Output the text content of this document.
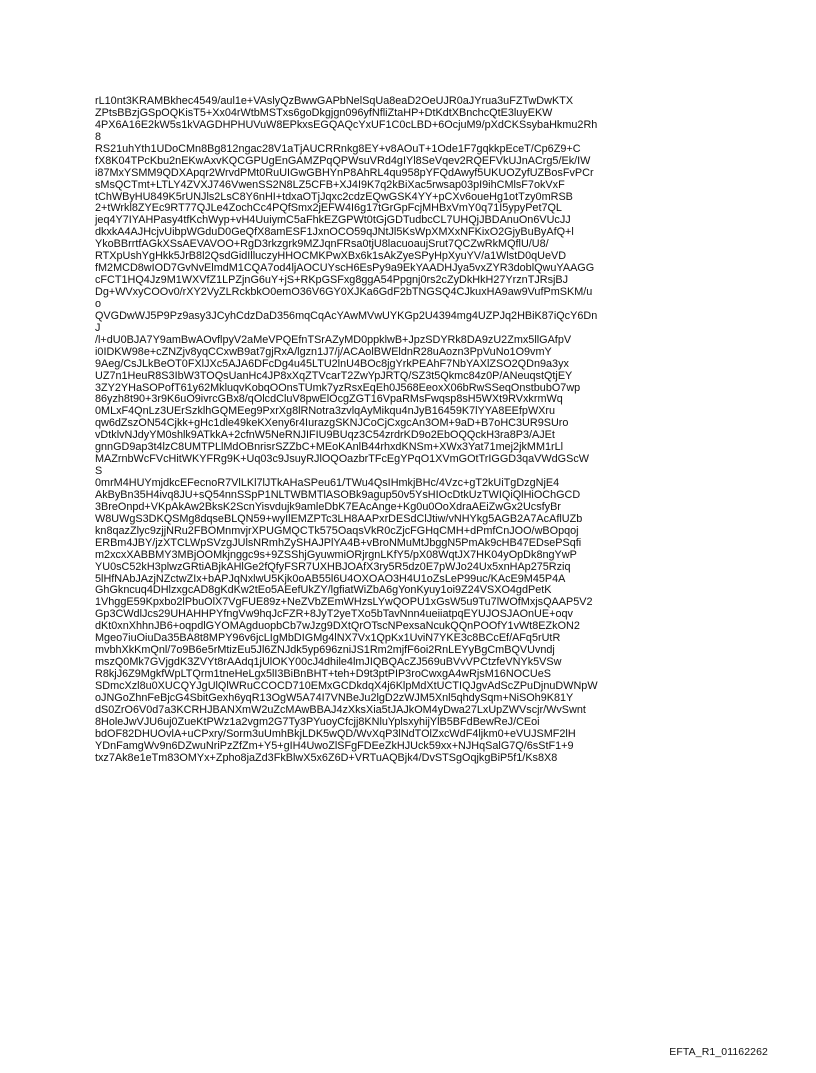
rL10nt3KRAMBkhec4549/aul1e+VAslyQzBwwGAPbNelSqUa8eaD2OeUJR0aJYrua3uFZTwDwKTX
ZPtsBBzjGSpOQKisT5+Xx04rWtbMSTxs6goDkgjgn096yfNfliZtaHP+DtKdtXBnchcQtE3luyEKW
4PX6A16E2kW5s1kVAGDHPHUVuW8EPkxsEGQAQcYxUF1C0cLBD+6OcjuM9/pXdCKSsybaHkmu2Rh
8
RS21uhYth1UDoCMn8Bg812ngac28V1aTjAUCRRnkg8EY+v8AOuT+1Ode1F7gqkkpEceT/Cp6Z9+C
fX8K04TPcKbu2nEKwAxvKQCGPUgEnGAMZPqQPWsuVRd4gIYl8SeVqev2RQEFVkUJnACrg5/Ek/IW
i87MxYSMM9QDXApqr2WrvdPMt0RuUIGwGBHYnP8AhRL4qu958pYFQdAwyf5UKUOZyfUZBosFvPCr
sMsQCTmt+LTLY4ZVXJ746VwenSS2N8LZ5CFB+XJ4I9K7q2kBiXac5rwsap03pI9ihCMlsF7okVxF
tChWByHU849K5rUNJls2LsC8Y6nHI+tdxaOTjJqxc2cdzEQwGSK4YY+pCXv6oueHg1otTzy0mRSB
2+tWrkl8ZYEc9RT77QJLe4ZochCc4PQfSmx2jEFW4I6g17tGrGpFcjMHBxVmY0q71I5ypyPet7QL
jeq4Y7IYAHPasy4tfKchWyp+vH4UuiymC5aFhkEZGPWt0tGjGDTudbcCL7UHQjJBDAnuOn6VUcJJ
dkxkA4AJHcjvUibpWGduD0GeQfX8amESF1JxnOCO59qJNtJl5KsWpXMXxNFKixO2GjyBuByAfQ+l
YkoBBrrtfAGkXSsAEVAVOO+RgD3rkzgrk9MZJqnFRsa0tjU8lacuoaujSrut7QCZwRkMQflU/U8/
RTXpUshYgHkk5JrB8l2QsdGidIlluczyHHOCMKPwXBx6k1sAkZyeSPyHpXyuYV/a1WlstD0qUeVD
fM2MCD8wIOD7GvNvElmdM1CQA7od4ljAOCUYscH6EsPy9a9EkYAADHJya5vxZYR3doblQwuYAAGG
cFCT1HQ4Jz9M1WXVfZ1LPZjnG6uY+jS+RKpGSFxg8ggA54Ppgnj0rs2cZyDkHkH27YrznTJRsjBJ
Dg+WVxyCOOv0/rXY2VyZLRckbkO0emO36V6GY0XJKa6GdF2bTNGSQ4CJkuxHA9aw9VufPmSKM/u
o
QVGDwWJ5P9Pz9asy3JCyhCdzDaD356mqCqAcYAwMVwUYKGp2U4394mg4UZPJq2HBiK87iQcY6Dn
J
/l+dU0BJA7Y9amBwAOvflpyV2aMeVPQEfnTSrAZyMD0ppklwB+JpzSDYRk8DA9zU2Zmx5llGAfpV
i0IDKW98e+cZNZjv8yqCCxwB9at7gjRxA/lgzn1J7/j/ACAolBWEldnR28uAozn3PpVuNo1O9vmY
9Aeg/CsJLkBeOT0FXlJXc5AJA6DFcDg4u45LTU2lnU4BOc8jgYrkPEAhF7NbYAXlZSO2QDn9a3yx
UZ7n1HeuR8S3IbW3TOQsUanHc4JP8xXqZTVcarT2ZwYpJRTQ/SZ3t5Qkmc84z0P/ANeuqstQtjEY
3ZY2YHaSOPofT61y62MkluqvKobqOOnsTUmk7yzRsxEqEh0J568EeoxX06bRwSSeqOnstbubO7wp
86yzh8t90+3r9K6uO9ivrcGBx8/qOlcdCluV8pwElOcgZGT16VpaRMsFwqsp8sH5WXt9RVxkrmWq
0MLxF4QnLz3UErSzklhGQMEeg9PxrXg8lRNotra3zvlqAyMikqu4nJyB16459K7lYYA8EEfpWXru
qw6dZszON54Cjkk+gHc1dle49keKXeny6r4IurazgSKNJCoCjCxgcAn3OM+9aD+B7oHC3UR9SUro
vDtklvNJdyYM0shlk9ATkkA+2cfnW5NeRNJIFIU9BUqz3C54zrdrKD9o2EbOQQckH3ra8P3/AJEt
gnnGD9ap3t4lzC8UMTPLlMdOBnrisrSZZbC+MEoKAnlB44rhxdKNSm+XWx3Yat71mej2jkMM1rLl
MAZrnbWcFVcHitWKYFRg9K+Uq03c9JsuyRJlOQOazbrTFcEgYPqO1XVmGOtTrIGGD3qaVWdGScW
S
0mrM4HUYmjdkcEFecnoR7VlLKl7lJTkAHaSPeu61/TWu4QsIHmkjBHc/4Vzc+gT2kUiTgDzgNjE4
AkByBn35H4ivq8JU+sQ54nnSSpP1NLTWBMTlASOBk9agup50v5YsHIOcDtkUzTWIQiQlHiOChGCD
3BreOnpd+VKpAkAw2BksK2ScnYisvdujk9amleDbK7EAcAnge+Kg0u0OoXdraAEiZwGx2UcsfyBr
W8UWgS3DKQSMg8dqseBLQN59+wyIlEMZPTc3LH8AAPxrDESdClJtiw/vNHYkg5AGB2A7AcAflUZb
kn8qazZlyc9zjjNRu2FBOMnmvjrXPUGMQCTk575OaqsVkR0cZjcFGHqCMH+dPmfCnJOO/wBOpqoj
ERBm4JBY/jzXTCLWpSVzgJUlsNRmhZySHAJPlYA4B+vBroNMuMtJbggN5PmAk9cHB47EDsePSqfi
m2xcxXABBMY3MBjOOMkjnggc9s+9ZSShjGyuwmiORjrgnLKfY5/pX08WqtJX7HK04yOpDk8ngYwP
YU0sC52kH3plwzGRtiABjkAHlGe2fQfyFSR7UXHBJOAfX3ry5R5dz0E7pWJo24Ux5xnHAp275Rziq
5lHfNAbJAzjNZctwZIx+bAPJqNxlwU5Kjk0oAB55l6U4OXOAO3H4U1oZsLeP99uc/KAcE9M45P4A
GhGkncuq4DHlzxgcAD8gKdKw2tEo5AEefUkZY/lgfiatWiZbA6gYonKyuy1oi9Z24VSXO4gdPetK
1VhggE59Kpxbo2lPbuOlX7VgFUE89z+NeZVbZEmWHzsLYwQOPU1xGsW5u9Tu7lWOfMxjsQAAP5V2
Gp3CWdlJcs29UHAHHPYfngVw9hqJcFZR+8JyT2yeTXo5bTavNnn4ueiiatpqEYUJOSJAOnUE+oqv
dKt0xnXhhnJB6+oqpdlGYOMAgduopbCb7wJzg9DXtQrOTscNPexsaNcukQQnPOOfY1vWt8EZkON2
Mgeo7iuOiuDa35BA8t8MPY96v6jcLIgMbDIGMg4lNX7Vx1QpKx1UviN7YKE3c8BCcEf/AFq5rUtR
mvbhXkKmQnl/7o9B6e5rMtizEu5Jl6ZNJdk5yp696zniJS1Rm2mjfF6oi2RnLEYyBgCmBQVUvndj
mszQ0Mk7GVjgdK3ZVYt8rAAdq1jUlOKY00cJ4dhile4lmJIQBQAcZJ569uBVvVPCtzfeVNYk5VSw
R8kjJ6Z9MgkfWpLTQrm1tneHeLgx5lI3BiBnBHT+teh+D9t3ptPIP3roCwxgA4wRjsM16NOCUeS
SDmcXzl8u0XUCQYJgUlQlWRuCCOCD710EMxGCDkdqX4j6KlpMdXtUCTIQJgvAdScZPuDjnuDWNpW
oJNGoZhnFeBjcG4SbitGexh6yqR13OgW5A74I7VNBeJu2lgD2zWJM5Xnl5qhdySqm+NiSOh9K81Y
dS0ZrO6V0d7a3KCRHJBANXmW2uZcMAwBBAJ4zXksXia5tJAJkOM4yDwa27LxUpZWVscjr/WvSwnt
8HoleJwVJU6uj0ZueKtPWz1a2vgm2G7Ty3PYuoyCfcjj8KNluYplsxyhijYlB5BFdBewReJ/CEoi
bdOF82DHUOvlA+uCPxry/Sorm3uUmhBkjLDK5wQD/WvXqP3lNdTOlZxcWdF4ljkm0+eVUJSMF2lH
YDnFamgWv9n6DZwuNriPzZfZm+Y5+gIH4UwoZlSFgFDEeZkHJUck59xx+NJHqSalG7Q/6sStF1+9
txz7Ak8e1eTm83OMYx+Zpho8jaZd3FkBlwX5x6Z6D+VRTuAQBjk4/DvSTSgOqjkgBiP5f1/Ks8X8
EFTA_R1_01162262
